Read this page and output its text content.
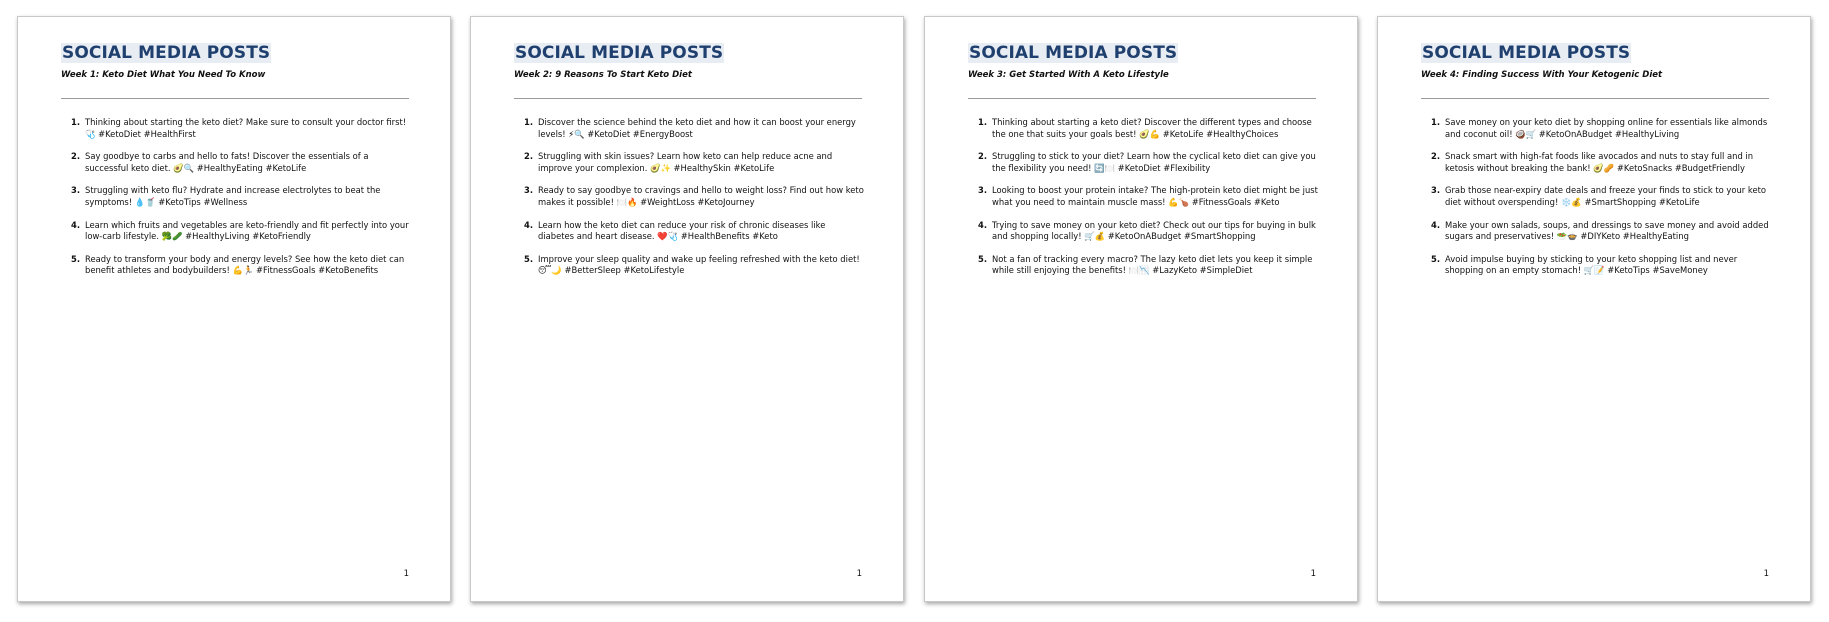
SOCIAL MEDIA POSTS
Week 1: Keto Diet What You Need To Know
1. Thinking about starting the keto diet? Make sure to consult your doctor first! 🩺 #KetoDiet #HealthFirst
2. Say goodbye to carbs and hello to fats! Discover the essentials of a successful keto diet. 🥑🔍 #HealthyEating #KetoLife
3. Struggling with keto flu? Hydrate and increase electrolytes to beat the symptoms! 💧🥤 #KetoTips #Wellness
4. Learn which fruits and vegetables are keto-friendly and fit perfectly into your low-carb lifestyle. 🥦🥒 #HealthyLiving #KetoFriendly
5. Ready to transform your body and energy levels? See how the keto diet can benefit athletes and bodybuilders! 💪🏃 #FitnessGoals #KetoBenefits
1
SOCIAL MEDIA POSTS
Week 2: 9 Reasons To Start Keto Diet
1. Discover the science behind the keto diet and how it can boost your energy levels! ⚡🔍 #KetoDiet #EnergyBoost
2. Struggling with skin issues? Learn how keto can help reduce acne and improve your complexion. 🥑✨ #HealthySkin #KetoLife
3. Ready to say goodbye to cravings and hello to weight loss? Find out how keto makes it possible! 🍽️🔥 #WeightLoss #KetoJourney
4. Learn how the keto diet can reduce your risk of chronic diseases like diabetes and heart disease. ❤️🩺 #HealthBenefits #Keto
5. Improve your sleep quality and wake up feeling refreshed with the keto diet! 😴🌙 #BetterSleep #KetoLifestyle
1
SOCIAL MEDIA POSTS
Week 3: Get Started With A Keto Lifestyle
1. Thinking about starting a keto diet? Discover the different types and choose the one that suits your goals best! 🥑💪 #KetoLife #HealthyChoices
2. Struggling to stick to your diet? Learn how the cyclical keto diet can give you the flexibility you need! 🔄🍽️ #KetoDiet #Flexibility
3. Looking to boost your protein intake? The high-protein keto diet might be just what you need to maintain muscle mass! 💪🍗 #FitnessGoals #Keto
4. Trying to save money on your keto diet? Check out our tips for buying in bulk and shopping locally! 🛒💰 #KetoOnABudget #SmartShopping
5. Not a fan of tracking every macro? The lazy keto diet lets you keep it simple while still enjoying the benefits! 🍽️📉 #LazyKeto #SimpleDiet
1
SOCIAL MEDIA POSTS
Week 4: Finding Success With Your Ketogenic Diet
1. Save money on your keto diet by shopping online for essentials like almonds and coconut oil! 🥥🛒 #KetoOnABudget #HealthyLiving
2. Snack smart with high-fat foods like avocados and nuts to stay full and in ketosis without breaking the bank! 🥑🥜 #KetoSnacks #BudgetFriendly
3. Grab those near-expiry date deals and freeze your finds to stick to your keto diet without overspending! ❄️💰 #SmartShopping #KetoLife
4. Make your own salads, soups, and dressings to save money and avoid added sugars and preservatives! 🥗🍲 #DIYKeto #HealthyEating
5. Avoid impulse buying by sticking to your keto shopping list and never shopping on an empty stomach! 🛒📝 #KetoTips #SaveMoney
1
